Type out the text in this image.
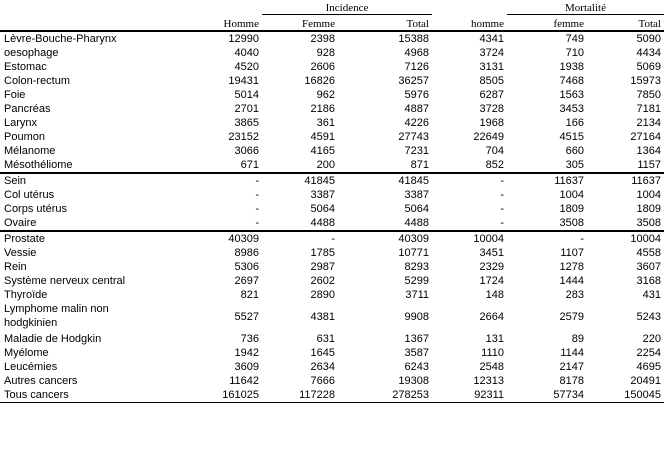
		Incidence			Mortalité	
	Homme	Femme	Total	homme	femme	Total
Lèvre-Bouche-Pharynx	12990	2398	15388	4341	749	5090
oesophage	4040	928	4968	3724	710	4434
Estomac	4520	2606	7126	3131	1938	5069
Colon-rectum	19431	16826	36257	8505	7468	15973
Foie	5014	962	5976	6287	1563	7850
Pancréas	2701	2186	4887	3728	3453	7181
Larynx	3865	361	4226	1968	166	2134
Poumon	23152	4591	27743	22649	4515	27164
Mélanome	3066	4165	7231	704	660	1364
Mésothéliome	671	200	871	852	305	1157
Sein	-	41845	41845	-	11637	11637
Col utérus	-	3387	3387	-	1004	1004
Corps utérus	-	5064	5064	-	1809	1809
Ovaire	-	4488	4488	-	3508	3508
Prostate	40309	-	40309	10004	-	10004
Vessie	8986	1785	10771	3451	1107	4558
Rein	5306	2987	8293	2329	1278	3607
Système nerveux central	2697	2602	5299	1724	1444	3168
Thyroïde	821	2890	3711	148	283	431
Lymphome malin non hodgkinien	5527	4381	9908	2664	2579	5243
Maladie de Hodgkin	736	631	1367	131	89	220
Myélome	1942	1645	3587	1110	1144	2254
Leucémies	3609	2634	6243	2548	2147	4695
Autres cancers	11642	7666	19308	12313	8178	20491
Tous cancers	161025	117228	278253	92311	57734	150045
